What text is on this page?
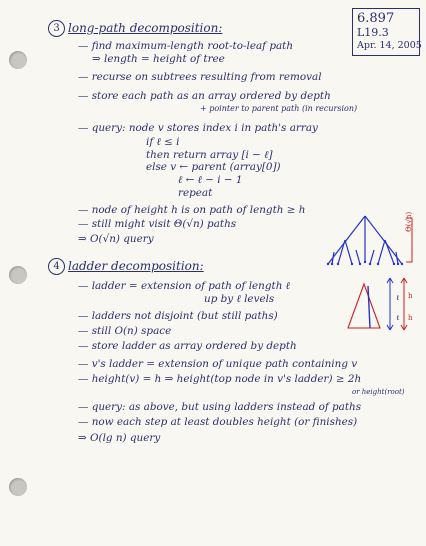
6.897
L19.3
Apr. 14, 2005
3 long-path decomposition:
— find maximum-length root-to-leaf path
⇒ length = height of tree
— recurse on subtrees resulting from removal
— store each path as an array ordered by depth
+ pointer to parent path (in recursion)
— query: node v stores index i in path's array
if ℓ ≤ i
then return array [i − ℓ]
else v ← parent (array[0])
ℓ ← ℓ − i − 1
repeat
— node of height h is on path of length ≥ h
— still might visit Θ(√n) paths
⇒ O(√n) query
Θ(√n)
4 ladder decomposition:
— ladder = extension of path of length ℓ
up by ℓ levels
— ladders not disjoint (but still paths)
— still O(n) space
— store ladder as array ordered by depth
— v's ladder = extension of unique path containing v
— height(v) = h ⇒ height(top node in v's ladder) ≥ 2h
or height(root)
— query: as above, but using ladders instead of paths
— now each step at least doubles height (or finishes)
⇒ O(lg n) query
ℓ
ℓ
h
h
